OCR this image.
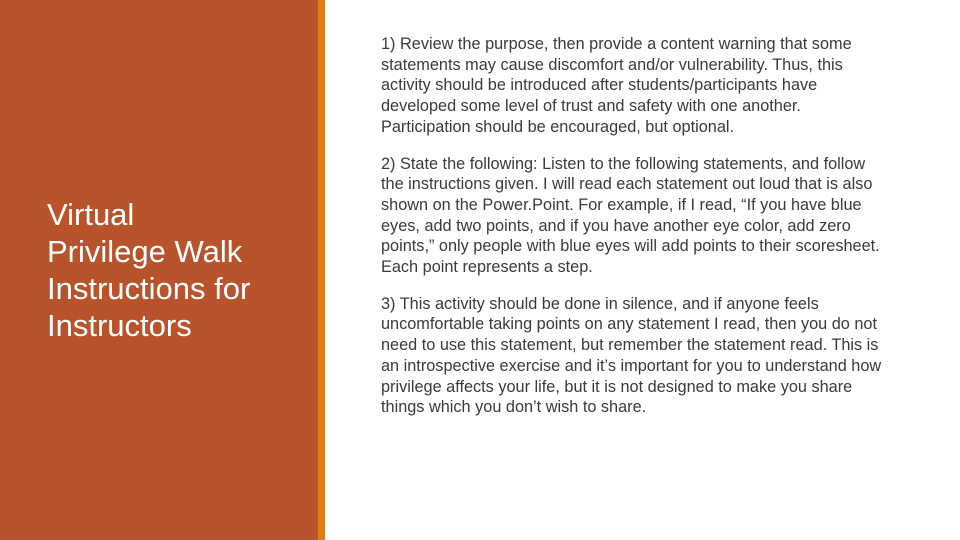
Virtual
Privilege Walk
Instructions for
Instructors

1) Review the purpose, then provide a content warning that some statements may cause discomfort and/or vulnerability. Thus, this activity should be introduced after students/participants have developed some level of trust and safety with one another. Participation should be encouraged, but optional.

2) State the following: Listen to the following statements, and follow the instructions given. I will read each statement out loud that is also shown on the Power.Point. For example, if I read, “If you have blue eyes, add two points, and if you have another eye color, add zero points,” only people with blue eyes will add points to their scoresheet. Each point represents a step.

3) This activity should be done in silence, and if anyone feels uncomfortable taking points on any statement I read, then you do not need to use this statement, but remember the statement read. This is an introspective exercise and it’s important for you to understand how privilege affects your life, but it is not designed to make you share things which you don’t wish to share.
